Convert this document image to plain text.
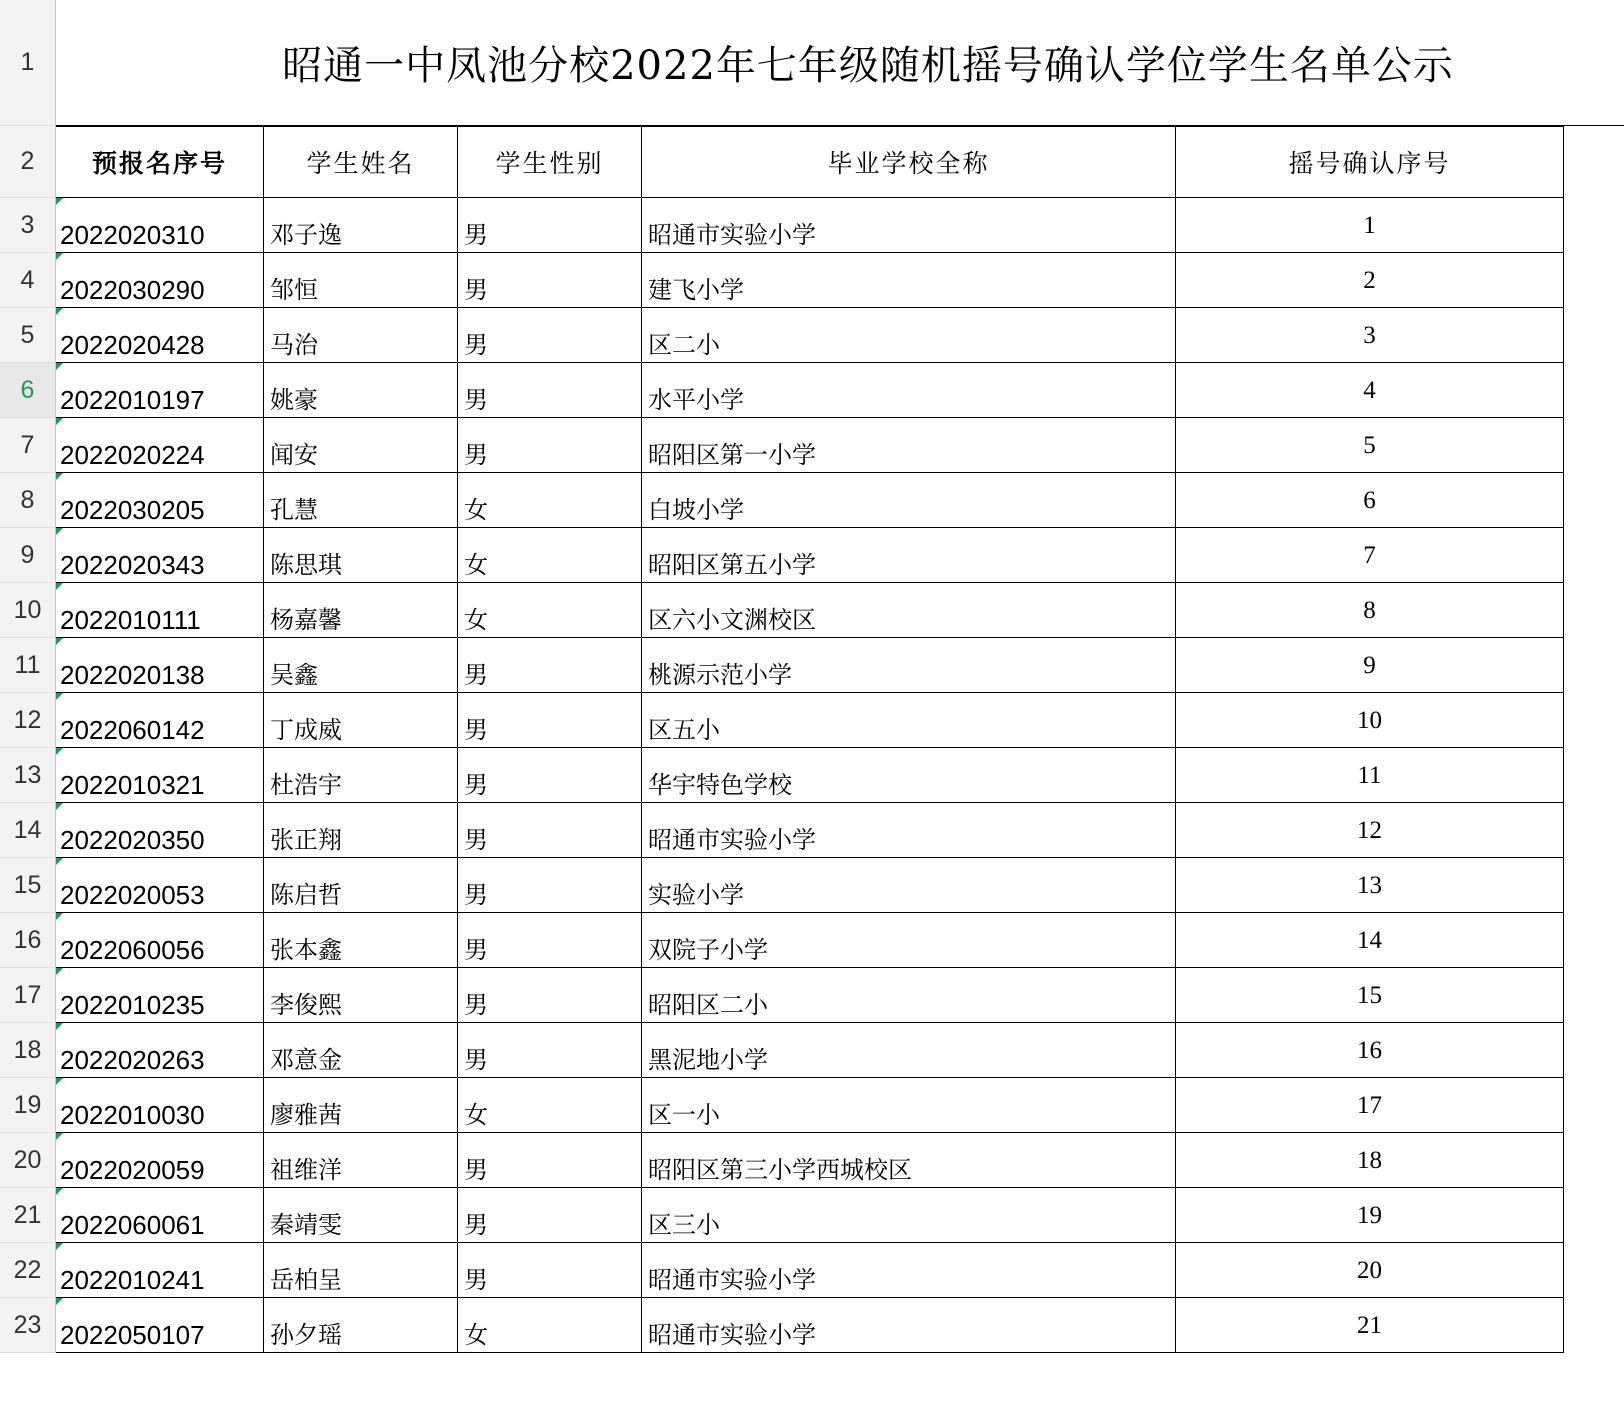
1
2
3
4
5
6
7
8
9
10
11
12
13
14
15
16
17
18
19
20
21
22
23
昭通一中凤池分校2022年七年级随机摇号确认学位学生名单公示
预报名序号	学生姓名	学生性别	毕业学校全称	摇号确认序号
2022020310	邓子逸	男	昭通市实验小学	1
2022030290	邹恒	男	建飞小学	2
2022020428	马治	男	区二小	3
2022010197	姚豪	男	水平小学	4
2022020224	闻安	男	昭阳区第一小学	5
2022030205	孔慧	女	白坡小学	6
2022020343	陈思琪	女	昭阳区第五小学	7
2022010111	杨嘉馨	女	区六小文渊校区	8
2022020138	吴鑫	男	桃源示范小学	9
2022060142	丁成威	男	区五小	10
2022010321	杜浩宇	男	华宇特色学校	11
2022020350	张正翔	男	昭通市实验小学	12
2022020053	陈启哲	男	实验小学	13
2022060056	张本鑫	男	双院子小学	14
2022010235	李俊熙	男	昭阳区二小	15
2022020263	邓意金	男	黑泥地小学	16
2022010030	廖雅茜	女	区一小	17
2022020059	祖维洋	男	昭阳区第三小学西城校区	18
2022060061	秦靖雯	男	区三小	19
2022010241	岳柏呈	男	昭通市实验小学	20
2022050107	孙夕瑶	女	昭通市实验小学	21
